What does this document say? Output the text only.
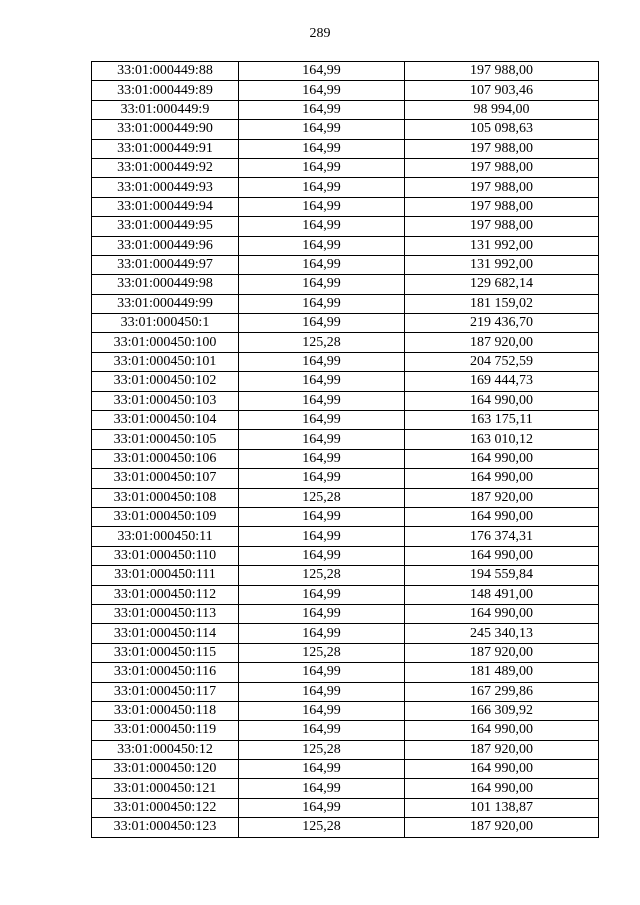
289
33:01:000449:88	164,99	197 988,00
33:01:000449:89	164,99	107 903,46
33:01:000449:9	164,99	98 994,00
33:01:000449:90	164,99	105 098,63
33:01:000449:91	164,99	197 988,00
33:01:000449:92	164,99	197 988,00
33:01:000449:93	164,99	197 988,00
33:01:000449:94	164,99	197 988,00
33:01:000449:95	164,99	197 988,00
33:01:000449:96	164,99	131 992,00
33:01:000449:97	164,99	131 992,00
33:01:000449:98	164,99	129 682,14
33:01:000449:99	164,99	181 159,02
33:01:000450:1	164,99	219 436,70
33:01:000450:100	125,28	187 920,00
33:01:000450:101	164,99	204 752,59
33:01:000450:102	164,99	169 444,73
33:01:000450:103	164,99	164 990,00
33:01:000450:104	164,99	163 175,11
33:01:000450:105	164,99	163 010,12
33:01:000450:106	164,99	164 990,00
33:01:000450:107	164,99	164 990,00
33:01:000450:108	125,28	187 920,00
33:01:000450:109	164,99	164 990,00
33:01:000450:11	164,99	176 374,31
33:01:000450:110	164,99	164 990,00
33:01:000450:111	125,28	194 559,84
33:01:000450:112	164,99	148 491,00
33:01:000450:113	164,99	164 990,00
33:01:000450:114	164,99	245 340,13
33:01:000450:115	125,28	187 920,00
33:01:000450:116	164,99	181 489,00
33:01:000450:117	164,99	167 299,86
33:01:000450:118	164,99	166 309,92
33:01:000450:119	164,99	164 990,00
33:01:000450:12	125,28	187 920,00
33:01:000450:120	164,99	164 990,00
33:01:000450:121	164,99	164 990,00
33:01:000450:122	164,99	101 138,87
33:01:000450:123	125,28	187 920,00
